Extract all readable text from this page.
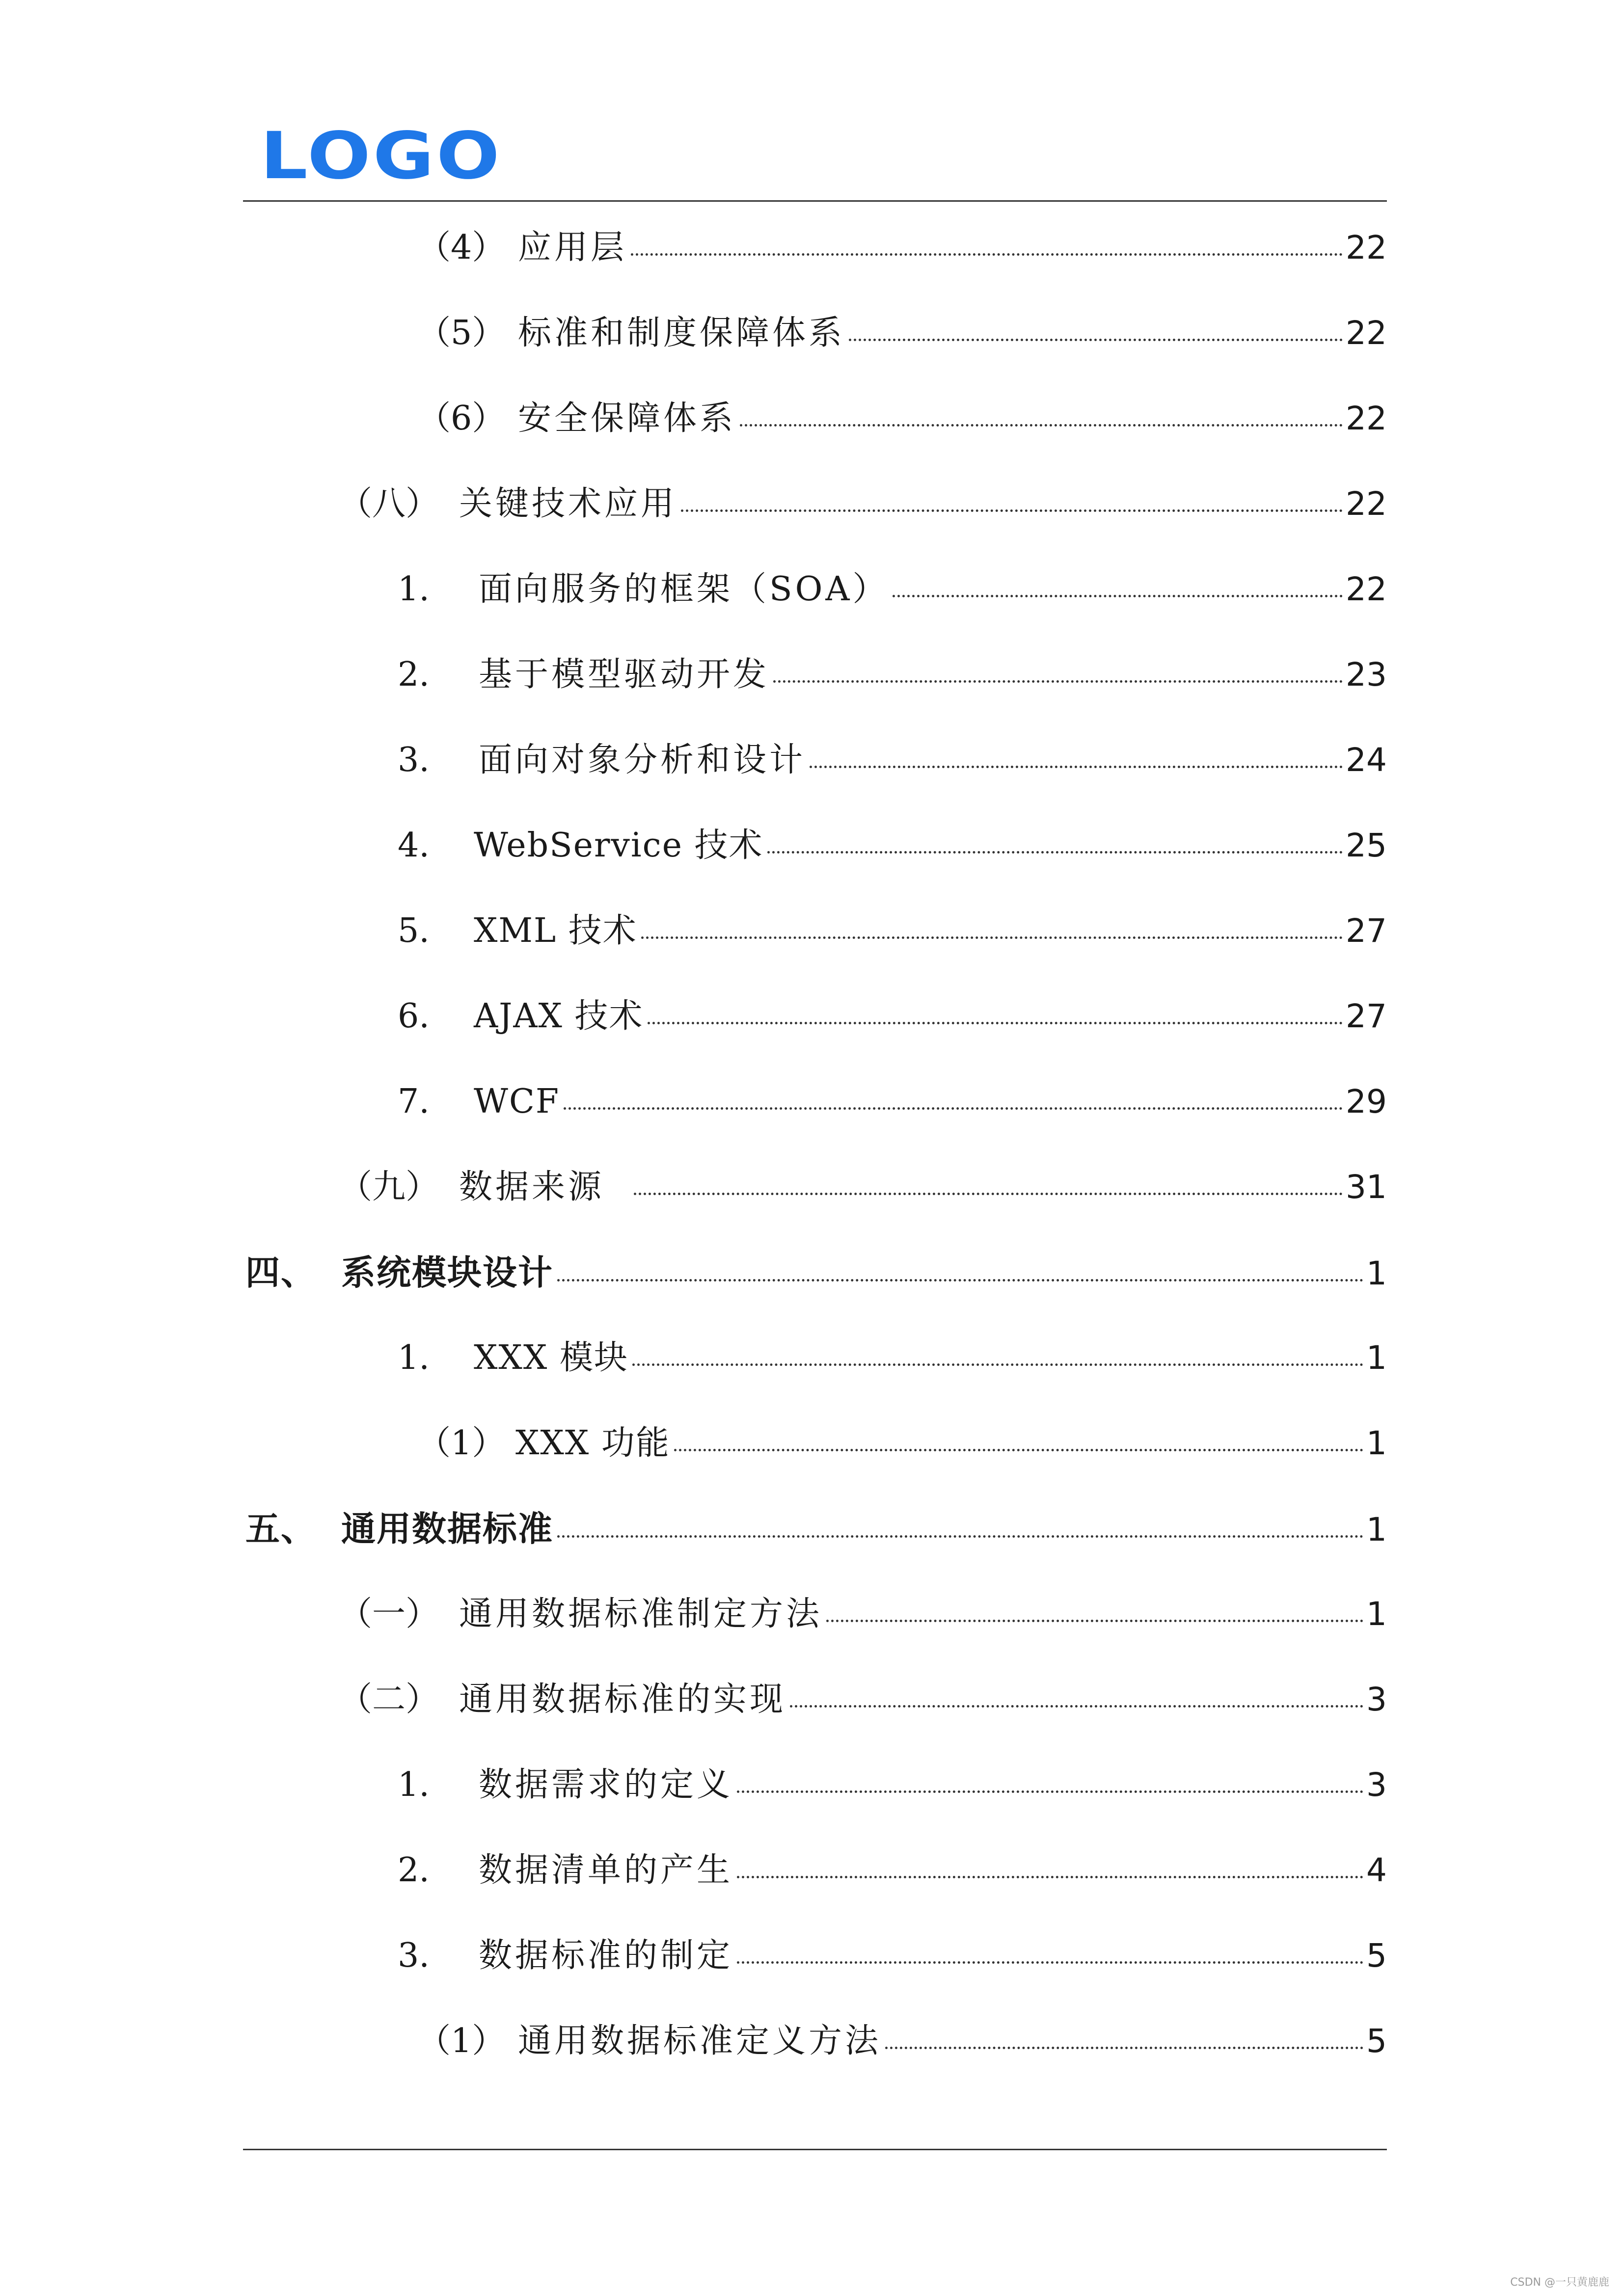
LOGO
（4） 应用层	22
（5） 标准和制度保障体系	22
（6） 安全保障体系	22
（八） 关键技术应用	22
1.	面向服务的框架（SOA）	22
2.	基于模型驱动开发	23
3.	面向对象分析和设计	24
4.	WebService 技术	25
5.	XML 技术	27
6.	AJAX 技术	27
7.	WCF	29
（九） 数据来源	31
四、 系统模块设计	1
1.	XXX 模块	1
（1） XXX 功能	1
五、 通用数据标准	1
（一） 通用数据标准制定方法	1
（二） 通用数据标准的实现	3
1.	数据需求的定义	3
2.	数据清单的产生	4
3.	数据标准的制定	5
（1） 通用数据标准定义方法	5
CSDN @一只黄鹿鹿
